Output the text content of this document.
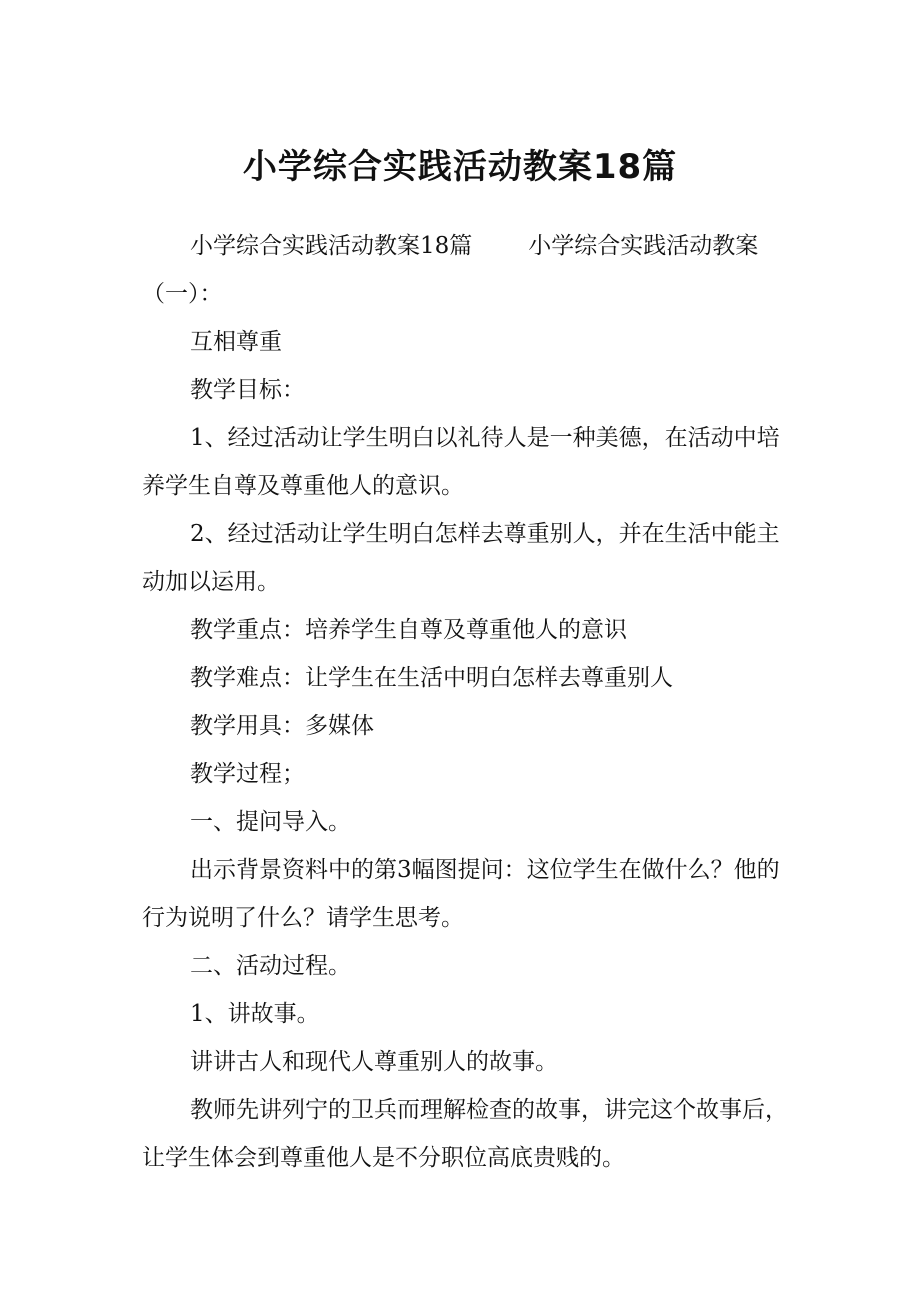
小学综合实践活动教案18篇

小学综合实践活动教案18篇 小学综合实践活动教案（一）：

互相尊重

教学目标：

1、经过活动让学生明白以礼待人是一种美德，在活动中培养学生自尊及尊重他人的意识。

2、经过活动让学生明白怎样去尊重别人，并在生活中能主动加以运用。

教学重点：培养学生自尊及尊重他人的意识

教学难点：让学生在生活中明白怎样去尊重别人

教学用具：多媒体

教学过程；

一、提问导入。

出示背景资料中的第3幅图提问：这位学生在做什么？他的行为说明了什么？请学生思考。

二、活动过程。

1、讲故事。

讲讲古人和现代人尊重别人的故事。

教师先讲列宁的卫兵而理解检查的故事，讲完这个故事后，让学生体会到尊重他人是不分职位高底贵贱的。
